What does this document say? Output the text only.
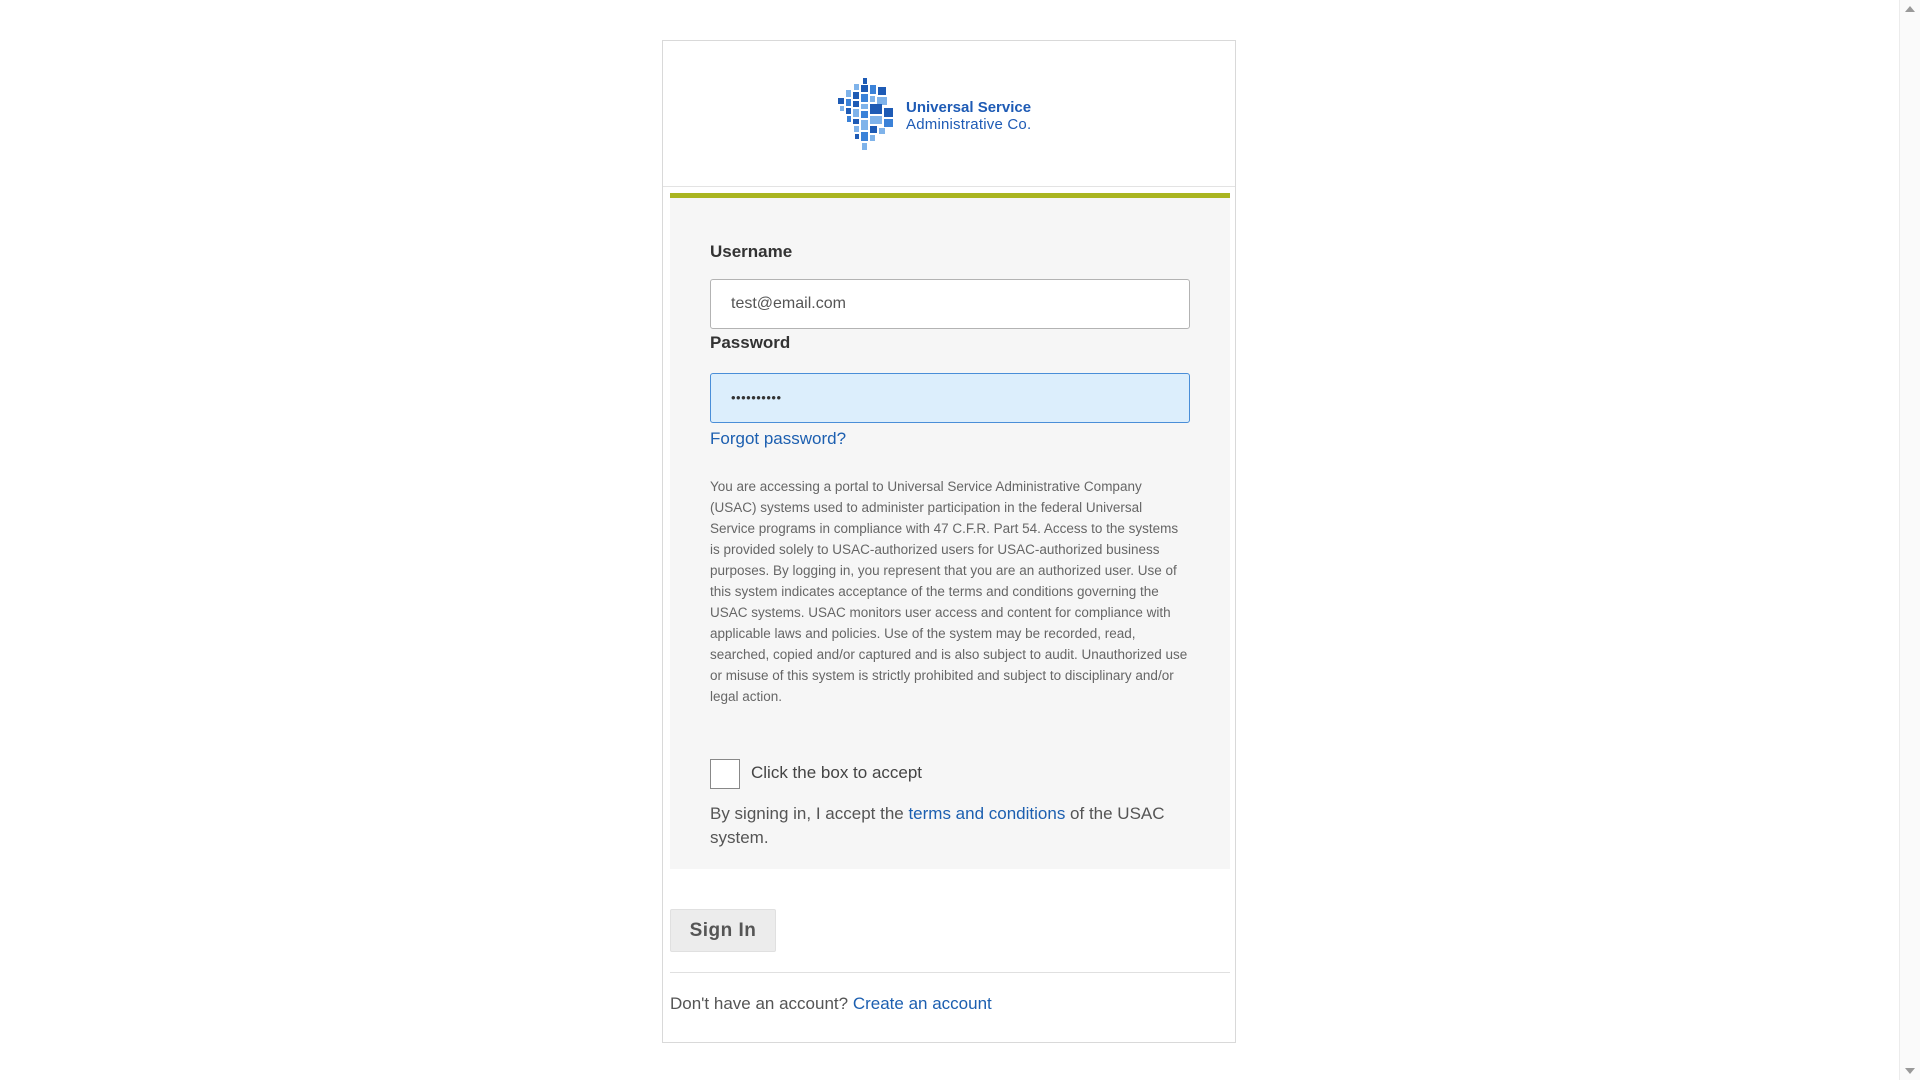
Universal Service
Administrative Co.
Username
test@email.com
Password
••••••••••
Forgot password?
You are accessing a portal to Universal Service Administrative Company (USAC) systems used to administer participation in the federal Universal Service programs in compliance with 47 C.F.R. Part 54. Access to the systems is provided solely to USAC-authorized users for USAC-authorized business purposes. By logging in, you represent that you are an authorized user. Use of this system indicates acceptance of the terms and conditions governing the USAC systems. USAC monitors user access and content for compliance with applicable laws and policies. Use of the system may be recorded, read, searched, copied and/or captured and is also subject to audit. Unauthorized use or misuse of this system is strictly prohibited and subject to disciplinary and/or legal action.
Click the box to accept
By signing in, I accept the terms and conditions of the USAC system.
Sign In
Don't have an account? Create an account
